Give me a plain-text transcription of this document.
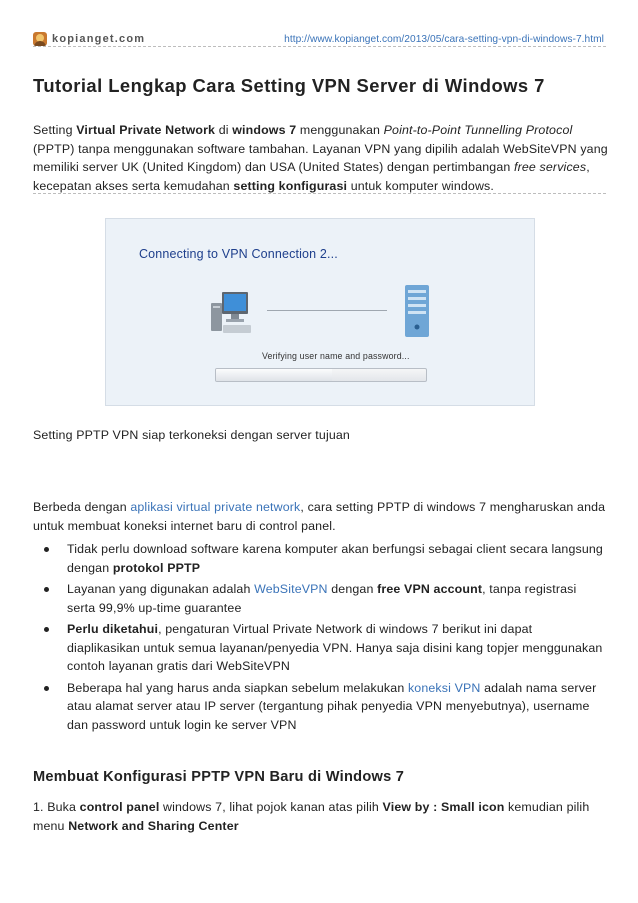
kopianget.com	http://www.kopianget.com/2013/05/cara-setting-vpn-di-windows-7.html
Tutorial Lengkap Cara Setting VPN Server di Windows 7

Setting Virtual Private Network di windows 7 menggunakan Point-to-Point Tunnelling Protocol (PPTP) tanpa menggunakan software tambahan. Layanan VPN yang dipilih adalah WebSiteVPN yang memiliki server UK (United Kingdom) dan USA (United States) dengan pertimbangan free services, kecepatan akses serta kemudahan setting konfigurasi untuk komputer windows.

Connecting to VPN Connection 2...
Verifying user name and password...

Setting PPTP VPN siap terkoneksi dengan server tujuan

Berbeda dengan aplikasi virtual private network, cara setting PPTP di windows 7 mengharuskan anda untuk membuat koneksi internet baru di control panel.

Tidak perlu download software karena komputer akan berfungsi sebagai client secara langsung dengan protokol PPTP
Layanan yang digunakan adalah WebSiteVPN dengan free VPN account, tanpa registrasi serta 99,9% up-time guarantee
Perlu diketahui, pengaturan Virtual Private Network di windows 7 berikut ini dapat diaplikasikan untuk semua layanan/penyedia VPN. Hanya saja disini kang topjer menggunakan contoh layanan gratis dari WebSiteVPN
Beberapa hal yang harus anda siapkan sebelum melakukan koneksi VPN adalah nama server atau alamat server atau IP server (tergantung pihak penyedia VPN menyebutnya), username dan password untuk login ke server VPN
Membuat Konfigurasi PPTP VPN Baru di Windows 7

1. Buka control panel windows 7, lihat pojok kanan atas pilih View by : Small icon kemudian pilih menu Network and Sharing Center
